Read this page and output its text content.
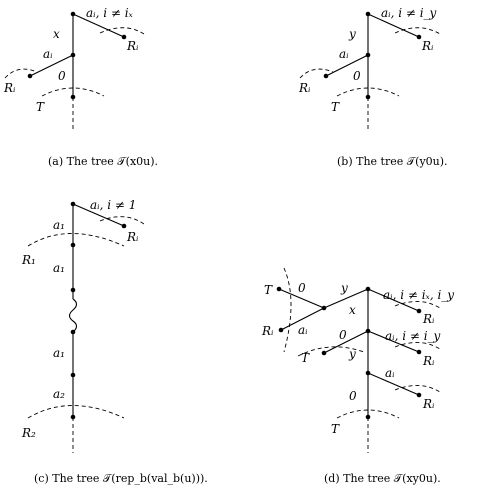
aᵢ, i ≠ iₓ
Rᵢ
x
aᵢ
Rᵢ
0
T
(a) The tree 𝒯(x0u).
aᵢ, i ≠ i_y
Rᵢ
y
aᵢ
Rᵢ
0
T
(b) The tree 𝒯(y0u).
aᵢ, i ≠ 1
Rᵢ
a₁
R₁
a₁
a₁
a₂
R₂
(c) The tree 𝒯(rep_b(val_b(u))).
T 0
Rᵢ aᵢ
y
x
aᵢ, i ≠ iₓ, i_y
Rᵢ
T
0
y
aᵢ, i ≠ i_y
Rᵢ
aᵢ
Rᵢ
0
T
(d) The tree 𝒯(xy0u).
